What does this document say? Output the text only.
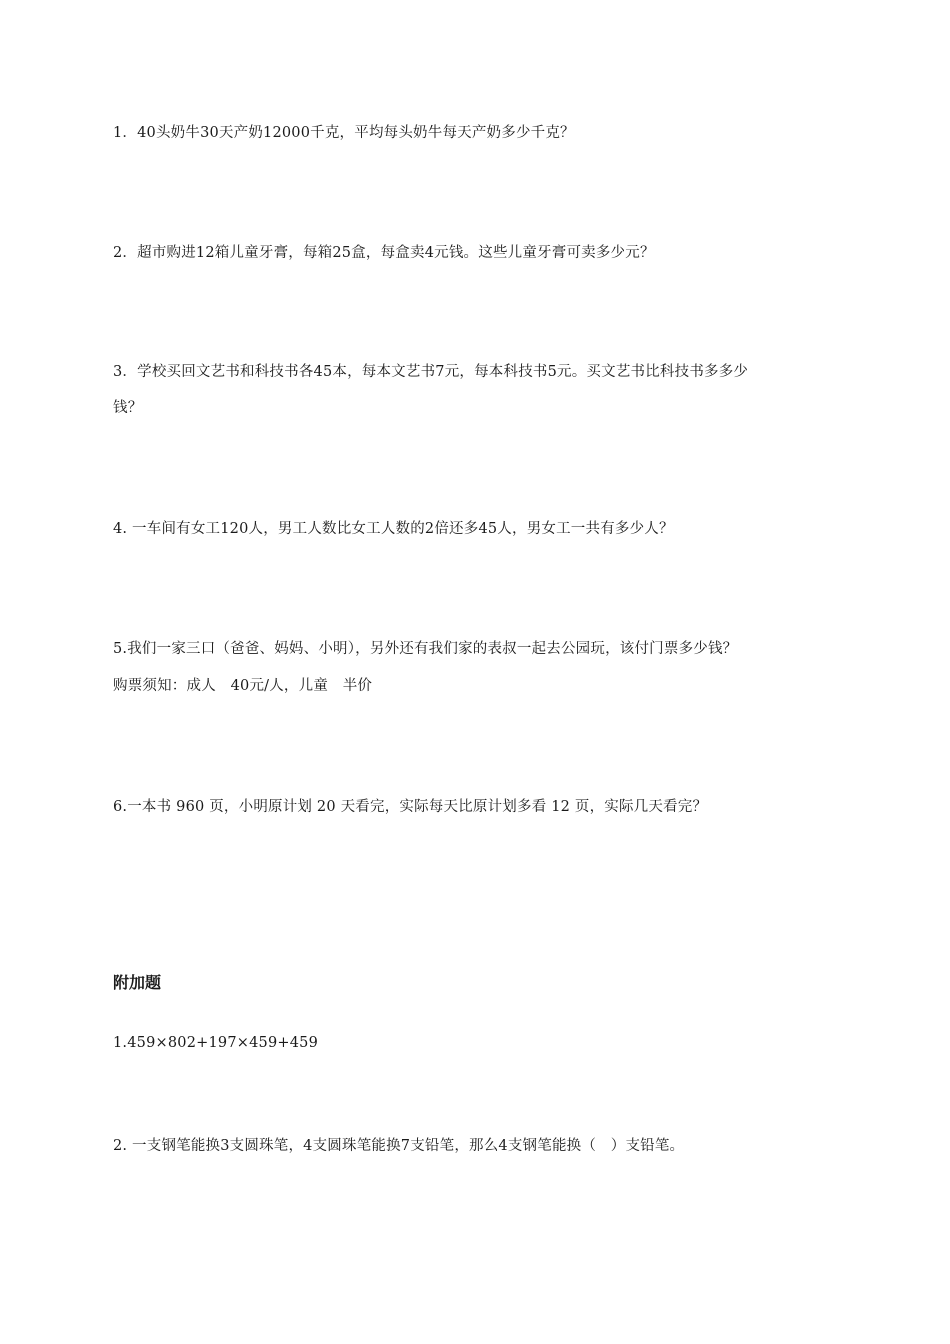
1．40头奶牛30天产奶12000千克，平均每头奶牛每天产奶多少千克？
2．超市购进12箱儿童牙膏，每箱25盒，每盒卖4元钱。这些儿童牙膏可卖多少元？
3．学校买回文艺书和科技书各45本，每本文艺书7元，每本科技书5元。买文艺书比科技书多多少
钱？
4. 一车间有女工120人，男工人数比女工人数的2倍还多45人，男女工一共有多少人？
5.我们一家三口（爸爸、妈妈、小明），另外还有我们家的表叔一起去公园玩，该付门票多少钱？
购票须知：成人　40元/人，儿童　半价
6.一本书 960 页，小明原计划 20 天看完，实际每天比原计划多看 12 页，实际几天看完？
附加题
1.459×802+197×459+459
2. 一支钢笔能换3支圆珠笔，4支圆珠笔能换7支铅笔，那么4支钢笔能换（　）支铅笔。
